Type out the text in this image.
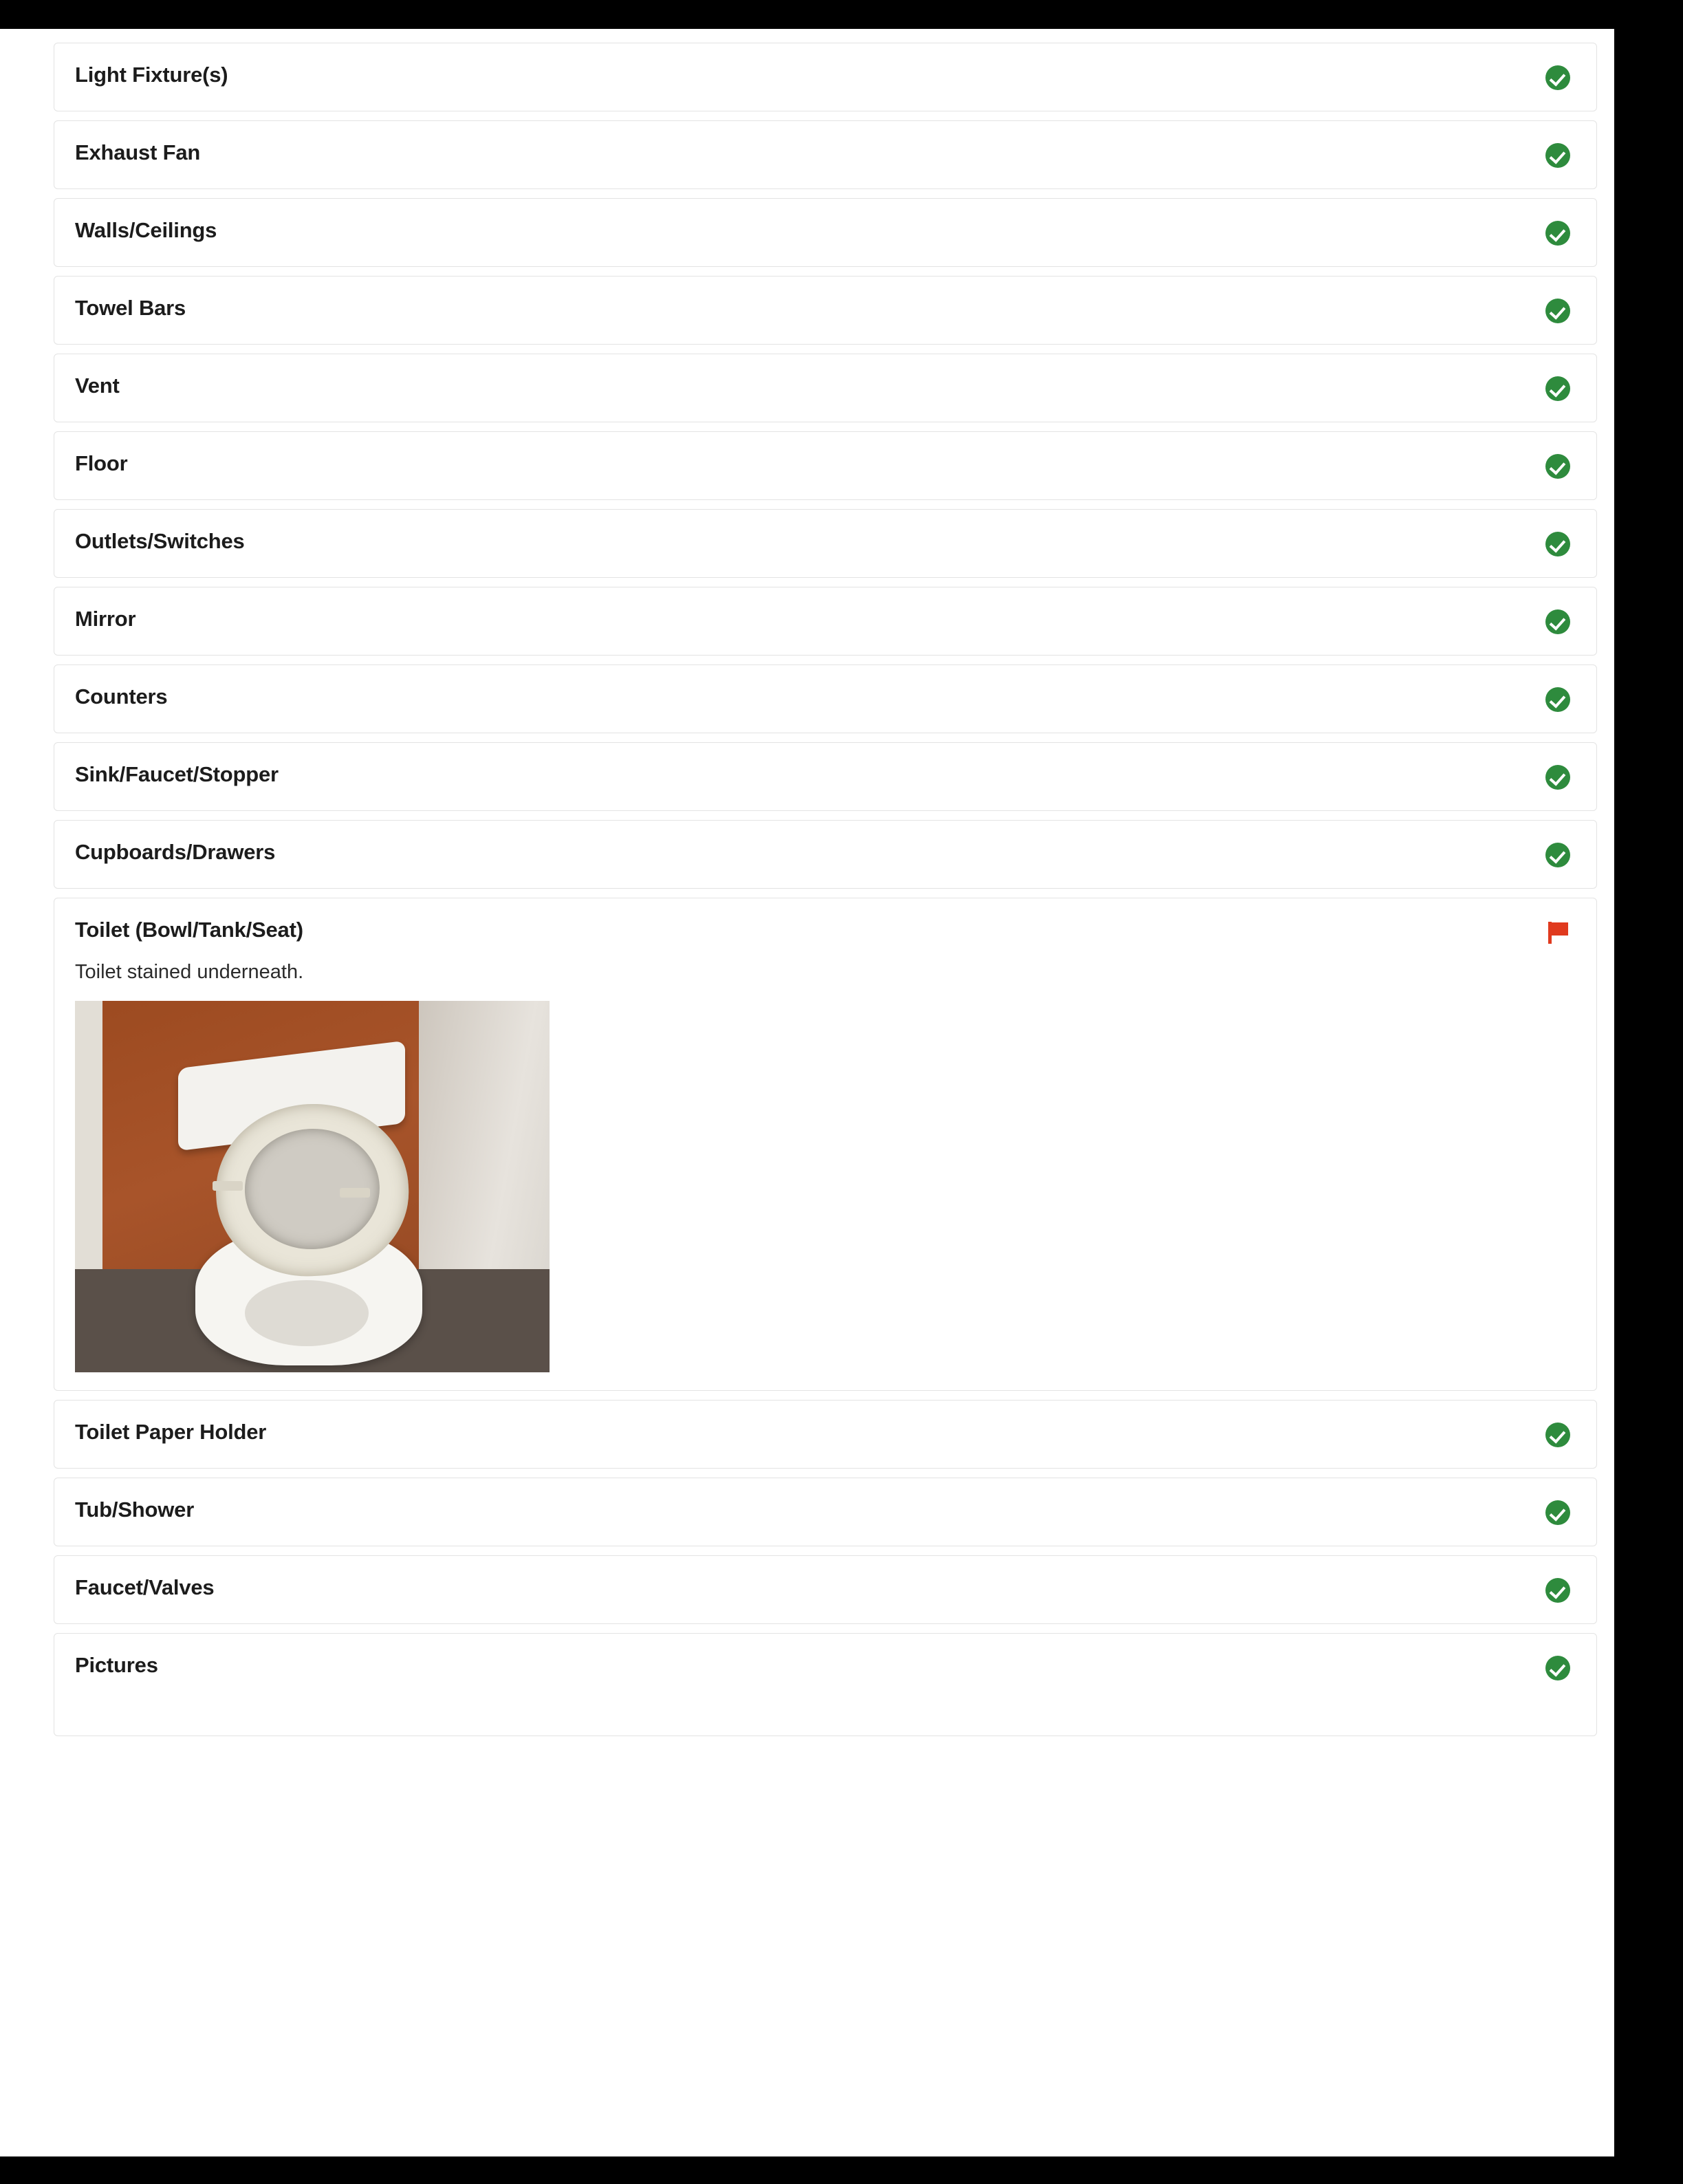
Light Fixture(s)
Exhaust Fan
Walls/Ceilings
Towel Bars
Vent
Floor
Outlets/Switches
Mirror
Counters
Sink/Faucet/Stopper
Cupboards/Drawers
Toilet (Bowl/Tank/Seat)
Toilet stained underneath.
Toilet Paper Holder
Tub/Shower
Faucet/Valves
Pictures
